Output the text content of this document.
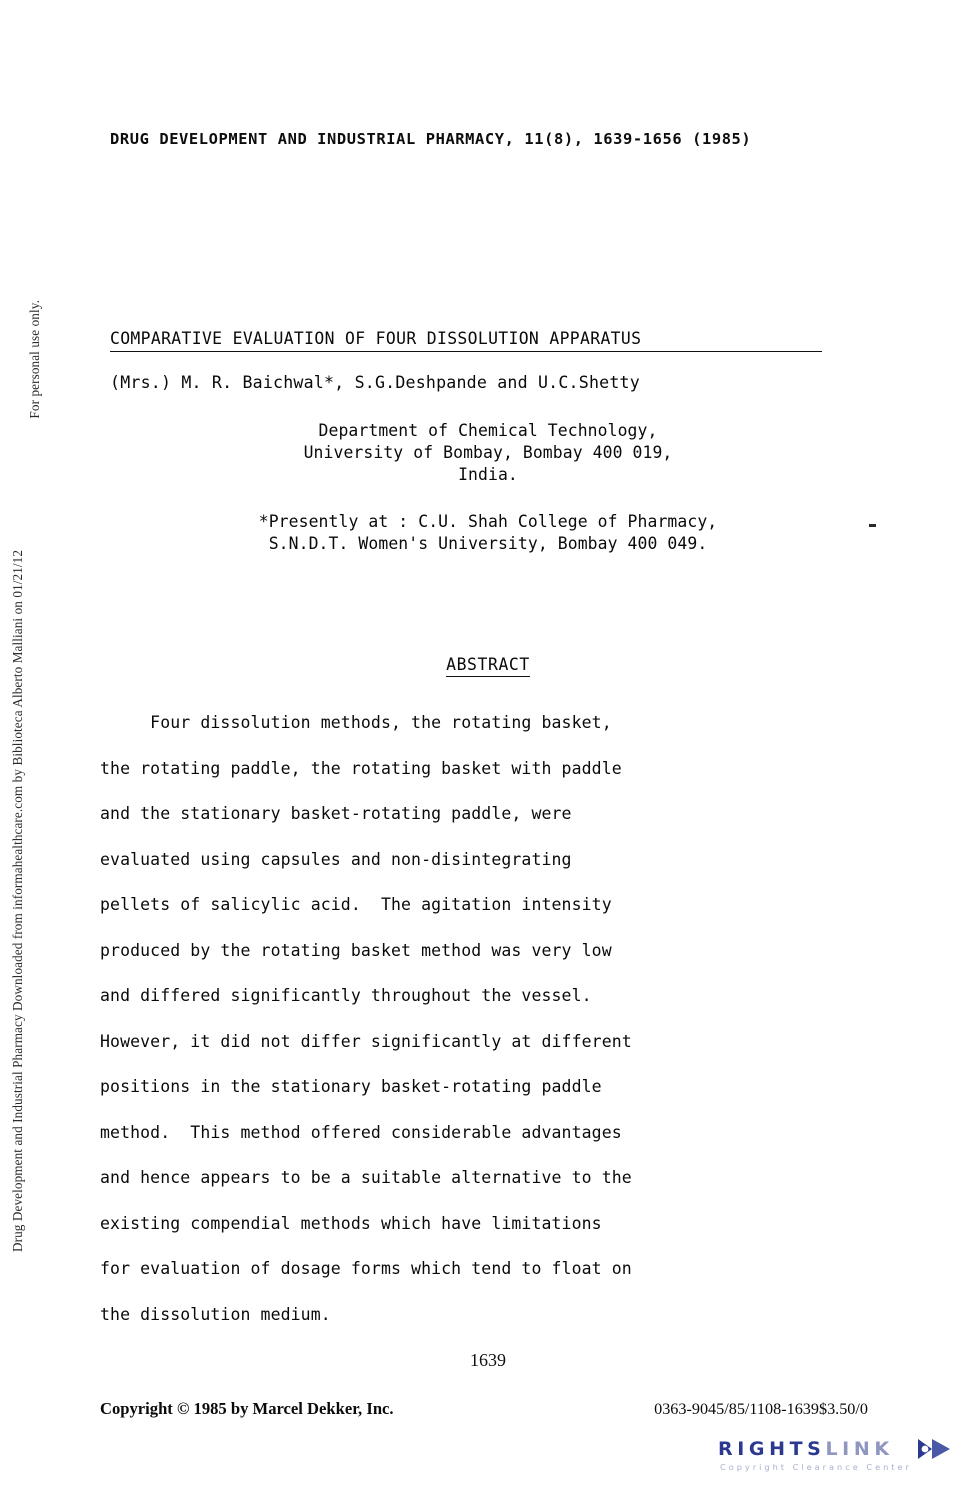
Drug Development and Industrial Pharmacy Downloaded from informahealthcare.com by Biblioteca Alberto Malliani on 01/21/12
For personal use only.
DRUG DEVELOPMENT AND INDUSTRIAL PHARMACY, 11(8), 1639-1656 (1985)
COMPARATIVE EVALUATION OF FOUR DISSOLUTION APPARATUS
(Mrs.) M. R. Baichwal*, S.G.Deshpande and U.C.Shetty
Department of Chemical Technology,
University of Bombay, Bombay 400 019,
India.
*Presently at : C.U. Shah College of Pharmacy,
S.N.D.T. Women's University, Bombay 400 049.
ABSTRACT
Four dissolution methods, the rotating basket,
the rotating paddle, the rotating basket with paddle
and the stationary basket-rotating paddle, were
evaluated using capsules and non-disintegrating
pellets of salicylic acid.  The agitation intensity
produced by the rotating basket method was very low
and differed significantly throughout the vessel.
However, it did not differ significantly at different
positions in the stationary basket-rotating paddle
method.  This method offered considerable advantages
and hence appears to be a suitable alternative to the
existing compendial methods which have limitations
for evaluation of dosage forms which tend to float on
the dissolution medium.
1639
Copyright © 1985 by Marcel Dekker, Inc.	0363-9045/85/1108-1639$3.50/0
RIGHTSLINK
Copyright Clearance Center
